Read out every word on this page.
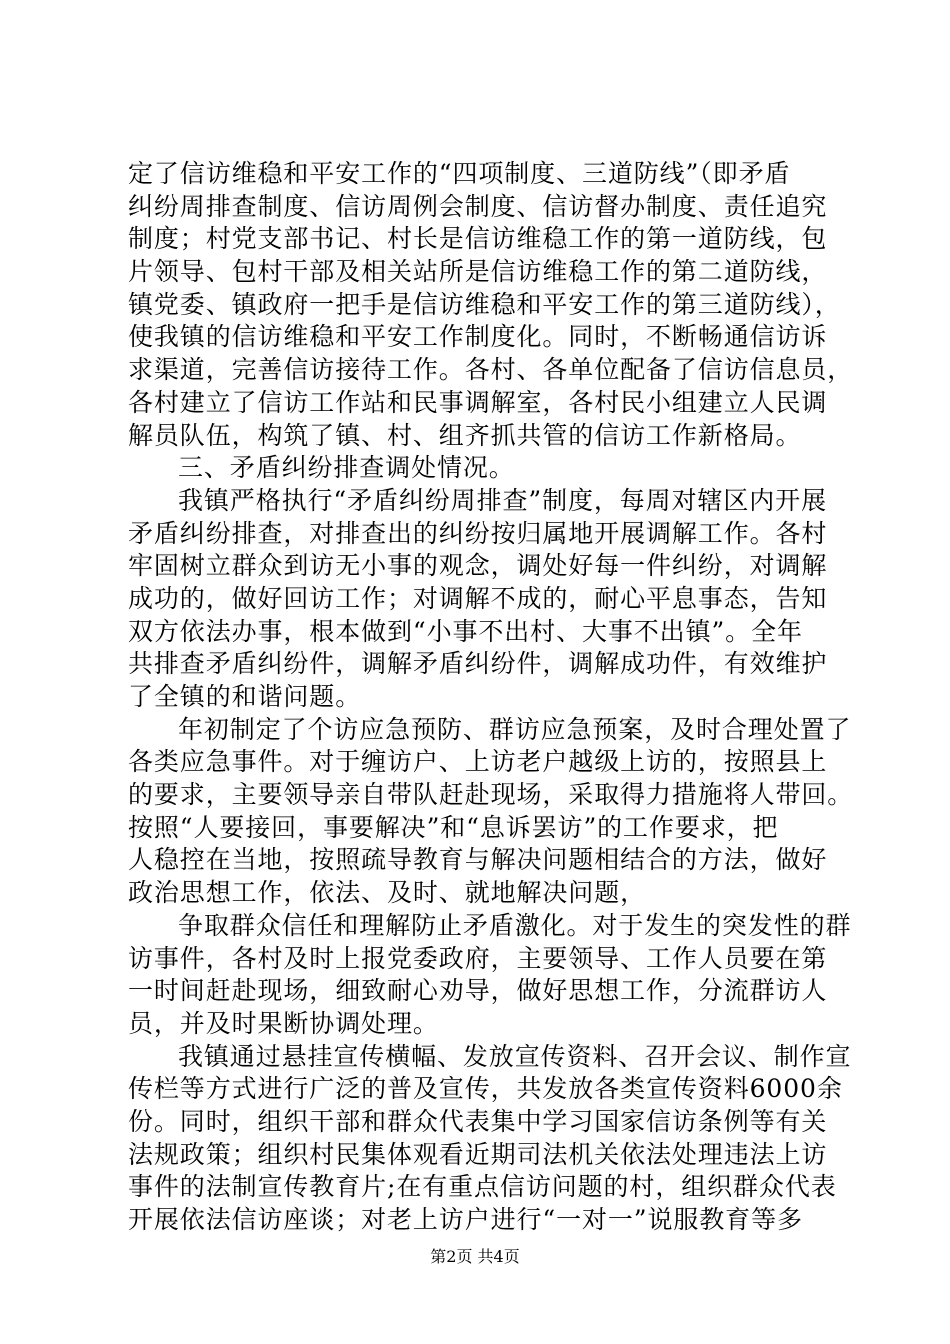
定了信访维稳和平安工作的“四项制度、三道防线”（即矛盾
纠纷周排查制度、信访周例会制度、信访督办制度、责任追究
制度；村党支部书记、村长是信访维稳工作的第一道防线，包
片领导、包村干部及相关站所是信访维稳工作的第二道防线，
镇党委、镇政府一把手是信访维稳和平安工作的第三道防线），
使我镇的信访维稳和平安工作制度化。同时，不断畅通信访诉
求渠道，完善信访接待工作。各村、各单位配备了信访信息员，
各村建立了信访工作站和民事调解室，各村民小组建立人民调
解员队伍，构筑了镇、村、组齐抓共管的信访工作新格局。
三、矛盾纠纷排查调处情况。
我镇严格执行“矛盾纠纷周排查”制度，每周对辖区内开展
矛盾纠纷排查，对排查出的纠纷按归属地开展调解工作。各村
牢固树立群众到访无小事的观念，调处好每一件纠纷，对调解
成功的，做好回访工作；对调解不成的，耐心平息事态，告知
双方依法办事，根本做到“小事不出村、大事不出镇”。全年
共排查矛盾纠纷件，调解矛盾纠纷件，调解成功件，有效维护
了全镇的和谐问题。
年初制定了个访应急预防、群访应急预案，及时合理处置了
各类应急事件。对于缠访户、上访老户越级上访的，按照县上
的要求，主要领导亲自带队赶赴现场，采取得力措施将人带回。
按照“人要接回，事要解决”和“息诉罢访”的工作要求，把
人稳控在当地，按照疏导教育与解决问题相结合的方法，做好
政治思想工作，依法、及时、就地解决问题，
争取群众信任和理解防止矛盾激化。对于发生的突发性的群
访事件，各村及时上报党委政府，主要领导、工作人员要在第
一时间赶赴现场，细致耐心劝导，做好思想工作，分流群访人
员，并及时果断协调处理。
我镇通过悬挂宣传横幅、发放宣传资料、召开会议、制作宣
传栏等方式进行广泛的普及宣传，共发放各类宣传资料6000余
份。同时，组织干部和群众代表集中学习国家信访条例等有关
法规政策；组织村民集体观看近期司法机关依法处理违法上访
事件的法制宣传教育片;在有重点信访问题的村，组织群众代表
开展依法信访座谈；对老上访户进行“一对一”说服教育等多
第2页 共4页
